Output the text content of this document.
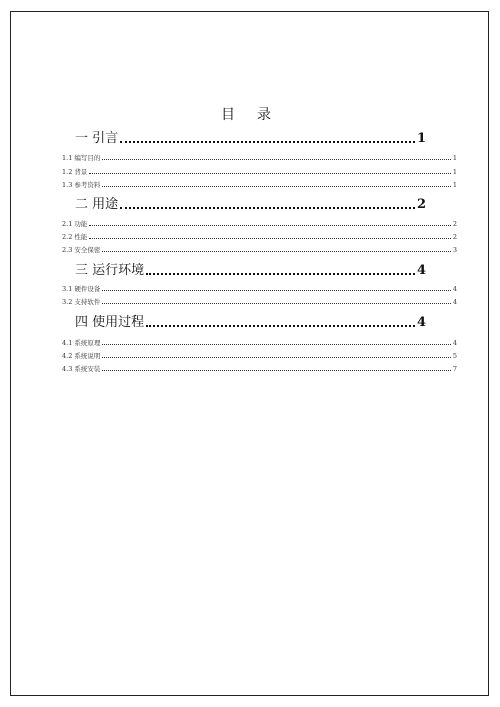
目录
一 引言	1
1.1 编写目的	1
1.2 背景	1
1.3 参考资料	1
二 用途	2
2.1 功能	2
2.2 性能	2
2.3 安全保密	3
三 运行环境	4
3.1 硬件设备	4
3.2 支持软件	4
四 使用过程	4
4.1 系统原理	4
4.2 系统说明	5
4.3 系统安装	7
